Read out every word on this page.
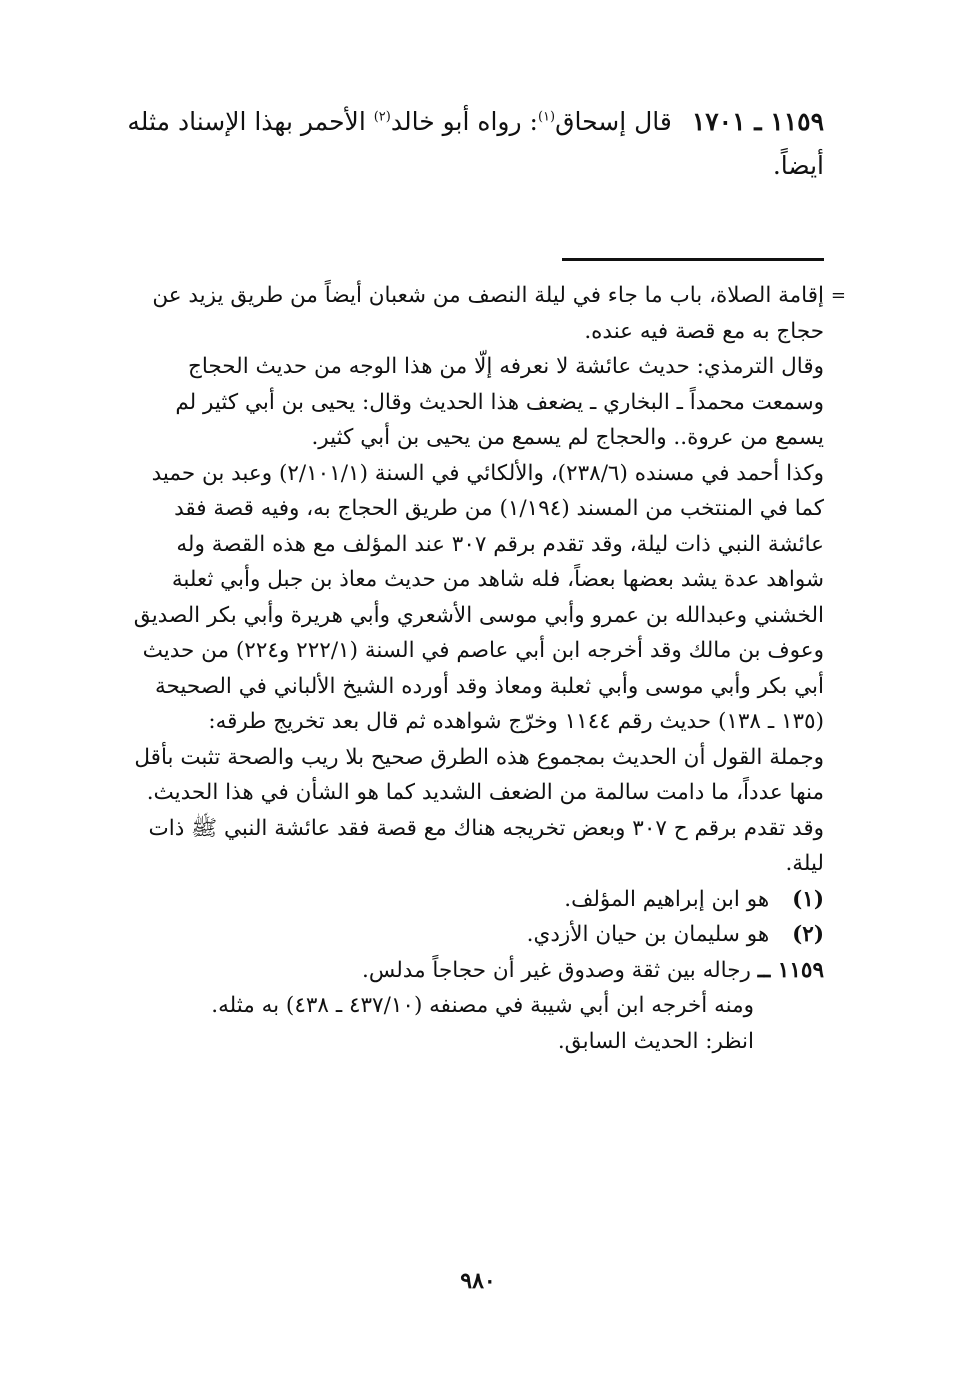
١١٥٩ ـ ١٧٠١قال إسحاق$^{(١)}$: رواه أبو خالد$^{(٢)}$ الأحمر بهذا الإسناد مثله أيضاً.

=
إقامة الصلاة، باب ما جاء في ليلة النصف من شعبان أيضاً من طريق يزيد عن حجاج به مع قصة فيه عنده.

وقال الترمذي: حديث عائشة لا نعرفه إلّا من هذا الوجه من حديث الحجاج وسمعت محمداً ـ البخاري ـ يضعف هذا الحديث وقال: يحيى بن أبي كثير لم يسمع من عروة.. والحجاج لم يسمع من يحيى بن أبي كثير.

وكذا أحمد في مسنده (٢٣٨/٦)، والألكائي في السنة (٢/١٠١/١) وعبد بن حميد كما في المنتخب من المسند (١/١٩٤) من طريق الحجاج به، وفيه قصة فقد عائشة النبي ذات ليلة، وقد تقدم برقم ٣٠٧ عند المؤلف مع هذه القصة وله شواهد عدة يشد بعضها بعضاً، فله شاهد من حديث معاذ بن جبل وأبي ثعلبة الخشني وعبدالله بن عمرو وأبي موسى الأشعري وأبي هريرة وأبي بكر الصديق وعوف بن مالك وقد أخرجه ابن أبي عاصم في السنة (٢٢٢/١ و٢٢٤) من حديث أبي بكر وأبي موسى وأبي ثعلبة ومعاذ وقد أورده الشيخ الألباني في الصحيحة (١٣٥ ـ ١٣٨) حديث رقم ١١٤٤ وخرّج شواهده ثم قال بعد تخريج طرقه:

وجملة القول أن الحديث بمجموع هذه الطرق صحيح بلا ريب والصحة تثبت بأقل منها عدداً، ما دامت سالمة من الضعف الشديد كما هو الشأن في هذا الحديث.

وقد تقدم برقم ح ٣٠٧ وبعض تخريجه هناك مع قصة فقد عائشة النبي ﷺ ذات ليلة.

(١) هو ابن إبراهيم المؤلف.
(٢) هو سليمان بن حيان الأزدي.

١١٥٩ ــ رجاله بين ثقة وصدوق غير أن حجاجاً مدلس.

ومنه أخرجه ابن أبي شيبة في مصنفه (٤٣٧/١٠ ـ ٤٣٨) به مثله.

انظر: الحديث السابق.

٩٨٠
